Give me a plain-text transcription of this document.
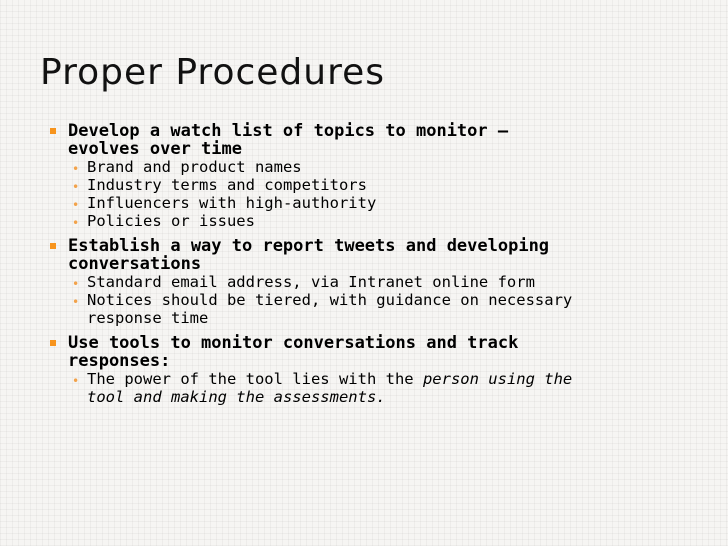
Proper Procedures
Develop a watch list of topics to monitor –
evolves over time
• Brand and product names
• Industry terms and competitors
• Influencers with high-authority
• Policies or issues
Establish a way to report tweets and developing
conversations
• Standard email address, via Intranet online form
• Notices should be tiered, with guidance on necessary
response time
Use tools to monitor conversations and track
responses:
• The power of the tool lies with the person using the
tool and making the assessments.
